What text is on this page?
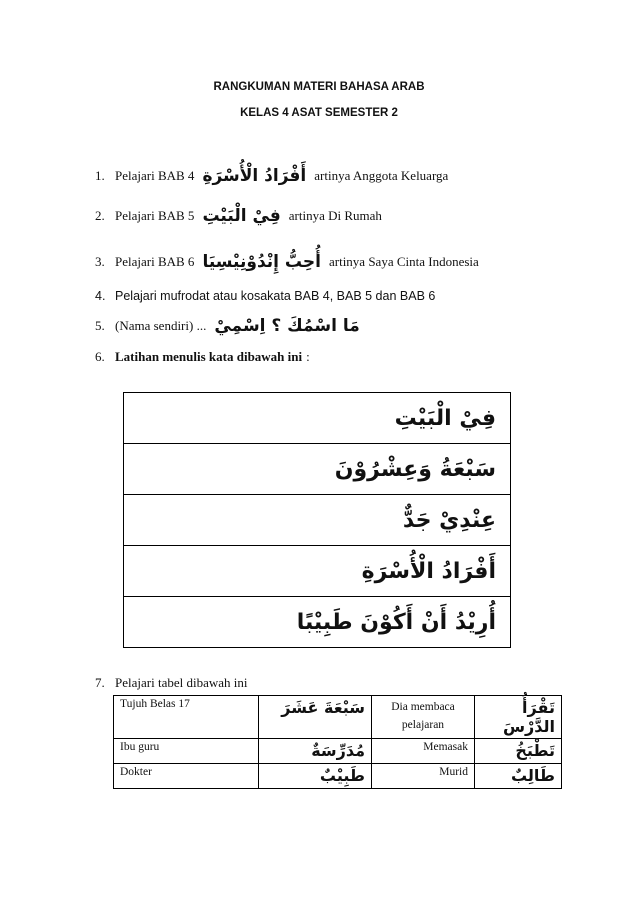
RANGKUMAN MATERI BAHASA ARAB
KELAS 4 ASAT SEMESTER 2
1. Pelajari BAB 4 أَفْرَادُ الْأُسْرَةِ artinya Anggota Keluarga
2. Pelajari BAB 5 فِيْ الْبَيْتِ artinya Di Rumah
3. Pelajari BAB 6 أُحِبُّ إِنْدُوْنِيْسِيَا artinya Saya Cinta Indonesia
4. Pelajari mufrodat atau kosakata BAB 4, BAB 5 dan BAB 6
5. (Nama sendiri) ... مَا اسْمُكَ ؟ اِسْمِيْ
6. Latihan menulis kata dibawah ini :
فِيْ الْبَيْتِ
سَبْعَةُ وَعِشْرُوْنَ
عِنْدِيْ جَدٌّ
أَفْرَادُ الْأُسْرَةِ
أُرِيْدُ أَنْ أَكُوْنَ طَبِيْبًا
7. Pelajari tabel dibawah ini
Tujuh Belas 17	سَبْعَةَ عَشَرَ	Dia membaca pelajaran	تَقْرَأُ الدَّرْسَ
Ibu guru	مُدَرِّسَةٌ	Memasak	تَطْبَخُ
Dokter	طَبِيْبٌ	Murid	طَالِبٌ
